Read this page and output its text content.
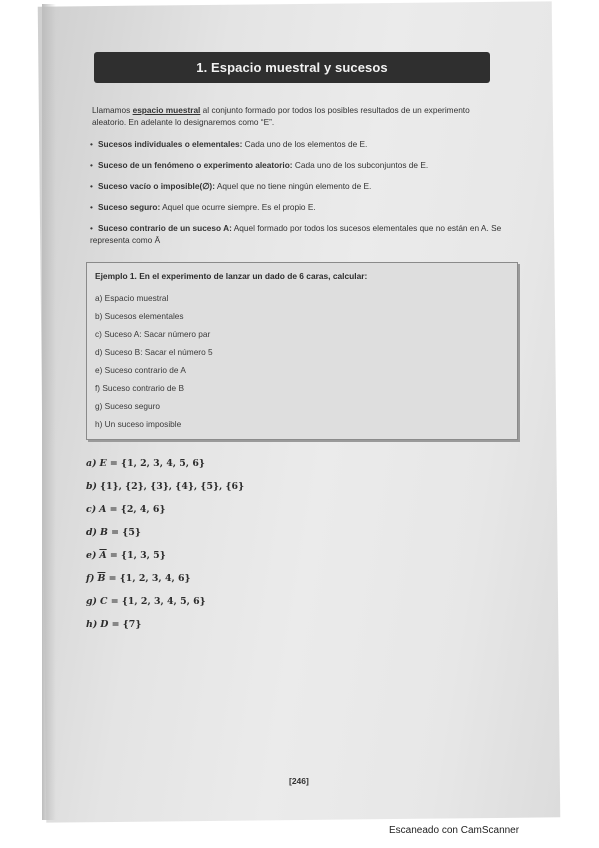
1. Espacio muestral y sucesos
Llamamos espacio muestral al conjunto formado por todos los posibles resultados de un experimento aleatorio. En adelante lo designaremos como “E”.
• Sucesos individuales o elementales: Cada uno de los elementos de E.
• Suceso de un fenómeno o experimento aleatorio: Cada uno de los subconjuntos de E.
• Suceso vacío o imposible(∅): Aquel que no tiene ningún elemento de E.
• Suceso seguro: Aquel que ocurre siempre. Es el propio E.
• Suceso contrario de un suceso A: Aquel formado por todos los sucesos elementales que no están en A. Se representa como Ā
Ejemplo 1. En el experimento de lanzar un dado de 6 caras, calcular:
a) Espacio muestral
b) Sucesos elementales
c) Suceso A: Sacar número par
d) Suceso B: Sacar el número 5
e) Suceso contrario de A
f) Suceso contrario de B
g) Suceso seguro
h) Un suceso imposible
a) E = {1, 2, 3, 4, 5, 6}
b) {1}, {2}, {3}, {4}, {5}, {6}
c) A = {2, 4, 6}
d) B = {5}
e) $\overline{A} = \{1$, 3, 5}
f) $\overline{B} = \{1$, 2, 3, 4, 6}
g) C = {1, 2, 3, 4, 5, 6}
h) D = {7}
[246]
Escaneado con CamScanner
